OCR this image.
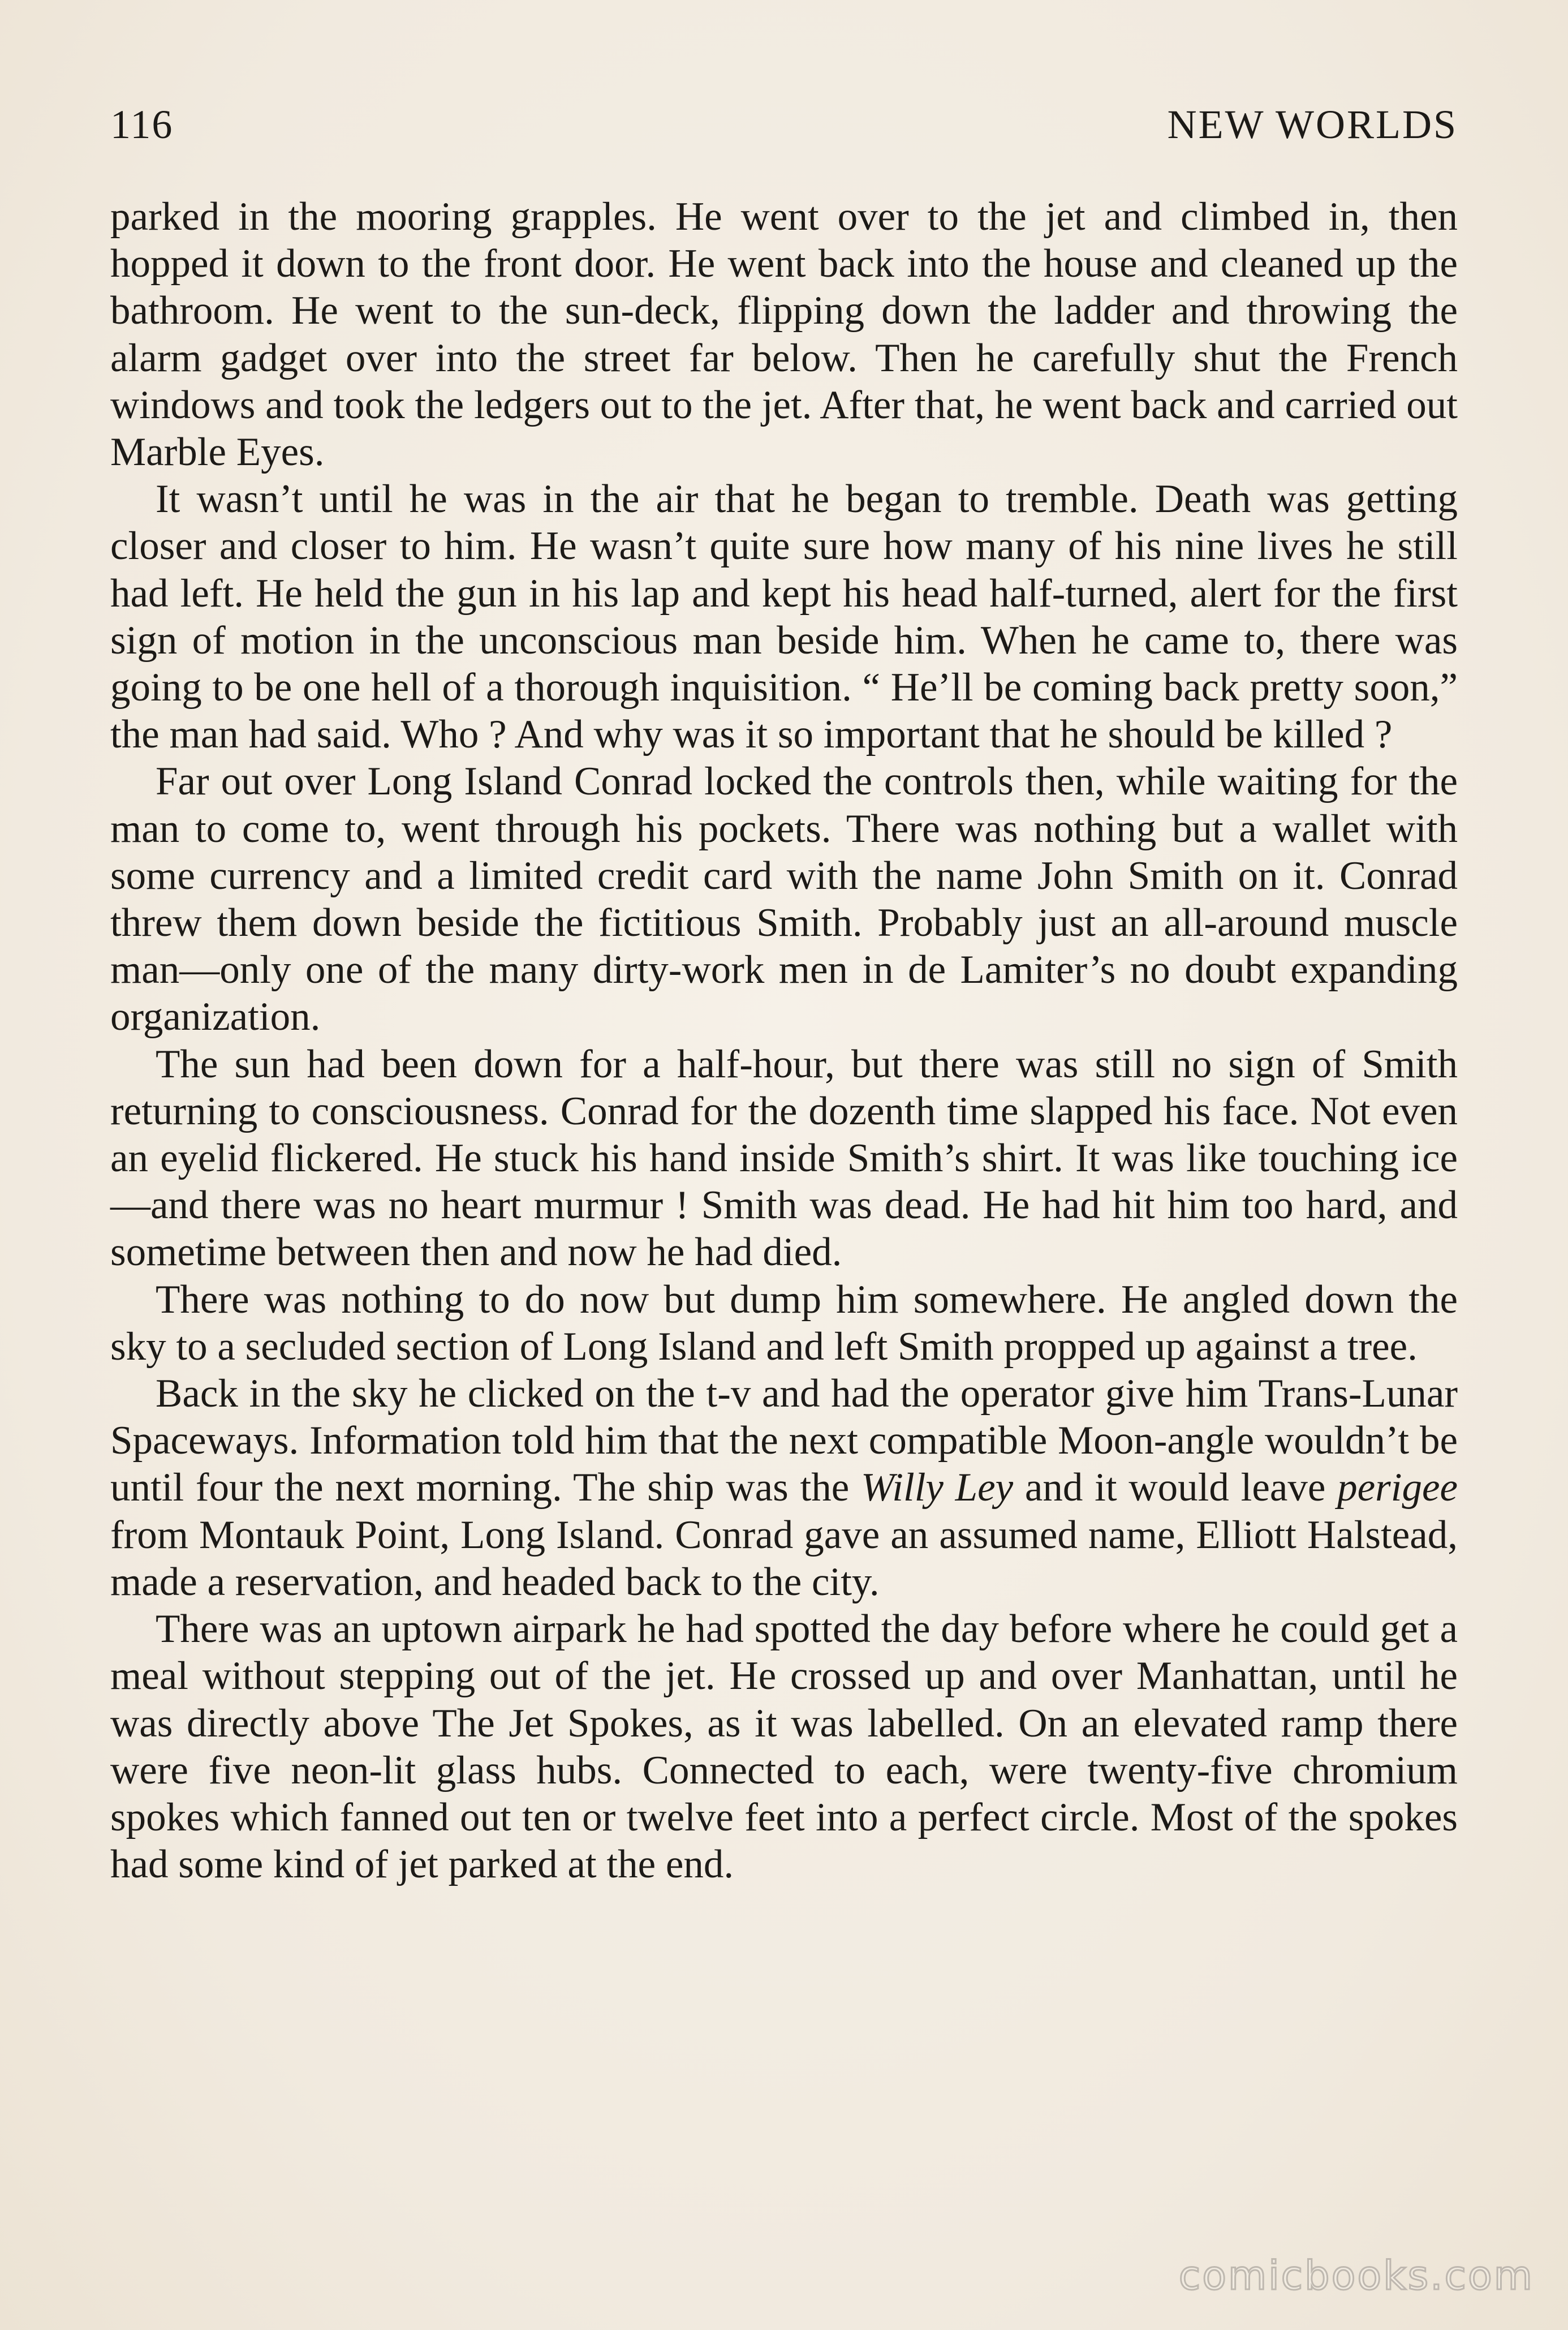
116	NEW WORLDS

parked in the mooring grapples. He went over to the jet and climbed in, then hopped it down to the front door. He went back into the house and cleaned up the bathroom. He went to the sun-deck, flipping down the ladder and throwing the alarm gadget over into the street far below. Then he carefully shut the French windows and took the ledgers out to the jet. After that, he went back and carried out Marble Eyes.

It wasn’t until he was in the air that he began to tremble. Death was getting closer and closer to him. He wasn’t quite sure how many of his nine lives he still had left. He held the gun in his lap and kept his head half-turned, alert for the first sign of motion in the unconscious man beside him. When he came to, there was going to be one hell of a thorough inquisition. “ He’ll be coming back pretty soon,” the man had said. Who ? And why was it so important that he should be killed ?

Far out over Long Island Conrad locked the controls then, while waiting for the man to come to, went through his pockets. There was nothing but a wallet with some currency and a limited credit card with the name John Smith on it. Conrad threw them down beside the fictitious Smith. Probably just an all-around muscle man—only one of the many dirty-work men in de Lamiter’s no doubt expanding organization.

The sun had been down for a half-hour, but there was still no sign of Smith returning to consciousness. Conrad for the dozenth time slapped his face. Not even an eyelid flickered. He stuck his hand inside Smith’s shirt. It was like touching ice—and there was no heart murmur ! Smith was dead. He had hit him too hard, and sometime between then and now he had died.

There was nothing to do now but dump him somewhere. He angled down the sky to a secluded section of Long Island and left Smith propped up against a tree.

Back in the sky he clicked on the t-v and had the operator give him Trans-Lunar Spaceways. Information told him that the next compatible Moon-angle wouldn’t be until four the next morning. The ship was the Willy Ley and it would leave perigee from Montauk Point, Long Island. Conrad gave an assumed name, Elliott Halstead, made a reservation, and headed back to the city.

There was an uptown airpark he had spotted the day before where he could get a meal without stepping out of the jet. He crossed up and over Manhattan, until he was directly above The Jet Spokes, as it was labelled. On an elevated ramp there were five neon-lit glass hubs. Connected to each, were twenty-five chromium spokes which fanned out ten or twelve feet into a perfect circle. Most of the spokes had some kind of jet parked at the end.

comicbooks.com
